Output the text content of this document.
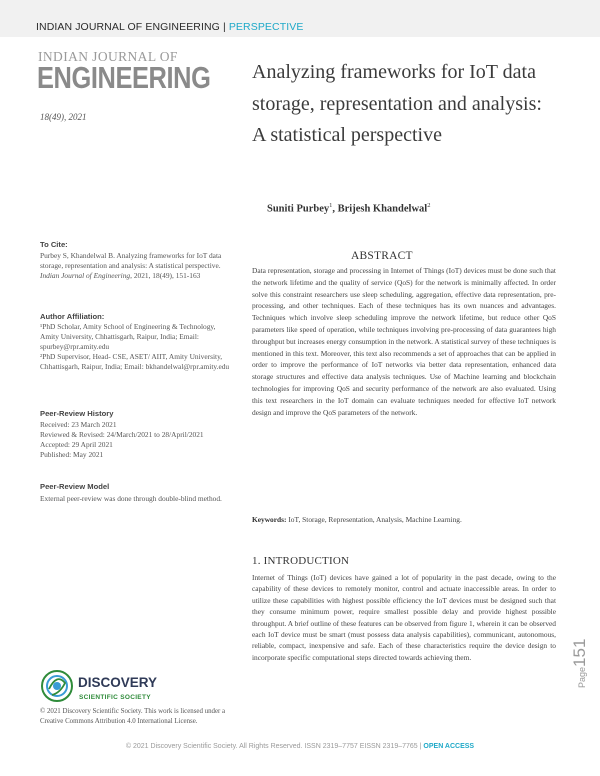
INDIAN JOURNAL OF ENGINEERING | PERSPECTIVE
INDIAN JOURNAL OF
ENGINEERING
18(49), 2021
Analyzing frameworks for IoT data storage, representation and analysis: A statistical perspective
Suniti Purbey$^1$, Brijesh Khandelwal$^2$
To Cite:

Purbey S, Khandelwal B. Analyzing frameworks for IoT data storage, representation and analysis: A statistical perspective. Indian Journal of Engineering, 2021, 18(49), 151-163

Author Affiliation:

¹PhD Scholar, Amity School of Engineering & Technology, Amity University, Chhattisgarh, Raipur, India; Email: spurbey@rpr.amity.edu

²PhD Supervisor, Head- CSE, ASET/ AIIT, Amity University, Chhattisgarh, Raipur, India; Email: bkhandelwal@rpr.amity.edu

Peer-Review History

Received: 23 March 2021

Reviewed & Revised: 24/March/2021 to 28/April/2021

Accepted: 29 April 2021

Published: May 2021

Peer-Review Model

External peer-review was done through double-blind method.

DISCOVERY
SCIENTIFIC SOCIETY

© 2021 Discovery Scientific Society. This work is licensed under a Creative Commons Attribution 4.0 International License.

ABSTRACT

Data representation, storage and processing in Internet of Things (IoT) devices must be done such that the network lifetime and the quality of service (QoS) for the network is minimally affected. In order solve this constraint researchers use sleep scheduling, aggregation, effective data representation, pre-processing, and other techniques. Each of these techniques has its own nuances and advantages. Techniques which involve sleep scheduling improve the network lifetime, but reduce other QoS parameters like speed of operation, while techniques involving pre-processing of data guarantees high throughput but increases energy consumption in the network. A statistical survey of these techniques is mentioned in this text. Moreover, this text also recommends a set of approaches that can be applied in order to improve the performance of IoT networks via better data representation, enhanced data storage structures and effective data analysis techniques. Use of Machine learning and blockchain technologies for improving QoS and security performance of the network are also evaluated. Using this text researchers in the IoT domain can evaluate techniques needed for effective IoT network design and improve the QoS parameters of the network.

Keywords: IoT, Storage, Representation, Analysis, Machine Learning.
1. INTRODUCTION

Internet of Things (IoT) devices have gained a lot of popularity in the past decade, owing to the capability of these devices to remotely monitor, control and actuate inaccessible areas. In order to utilize these capabilities with highest possible efficiency the IoT devices must be designed such that they consume minimum power, require smallest possible delay and provide highest possible throughput. A brief outline of these features can be observed from figure 1, wherein it can be observed each IoT device must be smart (must possess data analysis capabilities), communicant, autonomous, reliable, compact, inexpensive and safe. Each of these characteristics require the device design to incorporate specific computational steps directed towards achieving them.

Page151
© 2021 Discovery Scientific Society. All Rights Reserved. ISSN 2319–7757 EISSN 2319–7765 | OPEN ACCESS
